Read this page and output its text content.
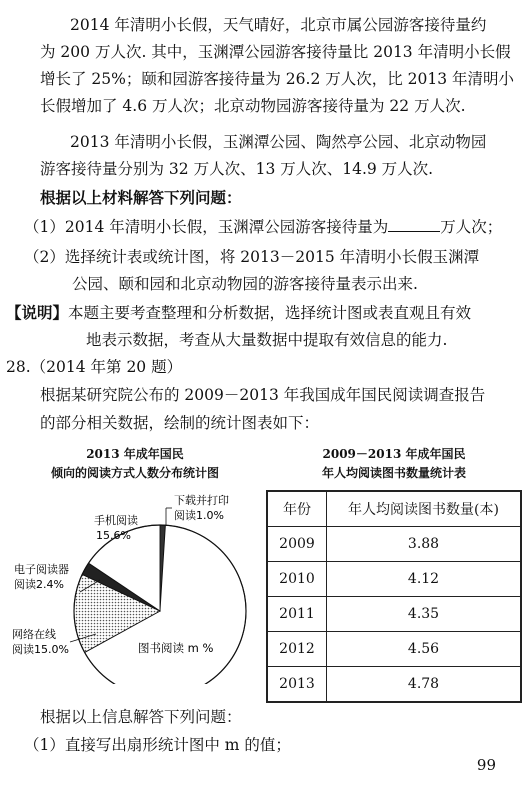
2014 年清明小长假，天气晴好，北京市属公园游客接待量约
为 200 万人次. 其中，玉渊潭公园游客接待量比 2013 年清明小长假
增长了 25%；颐和园游客接待量为 26.2 万人次，比 2013 年清明小
长假增加了 4.6 万人次；北京动物园游客接待量为 22 万人次.
2013 年清明小长假，玉渊潭公园、陶然亭公园、北京动物园
游客接待量分别为 32 万人次、13 万人次、14.9 万人次.
根据以上材料解答下列问题：
（1）2014 年清明小长假，玉渊潭公园游客接待量为	万人次；
（2）选择统计表或统计图，将 2013－2015 年清明小长假玉渊潭
公园、颐和园和北京动物园的游客接待量表示出来.
【说明】本题主要考查整理和分析数据，选择统计图或表直观且有效
地表示数据，考查从大量数据中提取有效信息的能力.
28.（2014 年第 20 题）
根据某研究院公布的 2009－2013 年我国成年国民阅读调查报告
的部分相关数据，绘制的统计图表如下：
2013 年成年国民
倾向的阅读方式人数分布统计图
2009－2013 年成年国民
年人均阅读图书数量统计表
下载并打印
阅读1.0%
手机阅读
15.6%
电子阅读器
阅读2.4%
网络在线
阅读15.0%	图书阅读 m %
年份	年人均阅读图书数量(本)
2009	3.88
2010	4.12
2011	4.35
2012	4.56
2013	4.78
根据以上信息解答下列问题：
（1）直接写出扇形统计图中 m 的值；
99
